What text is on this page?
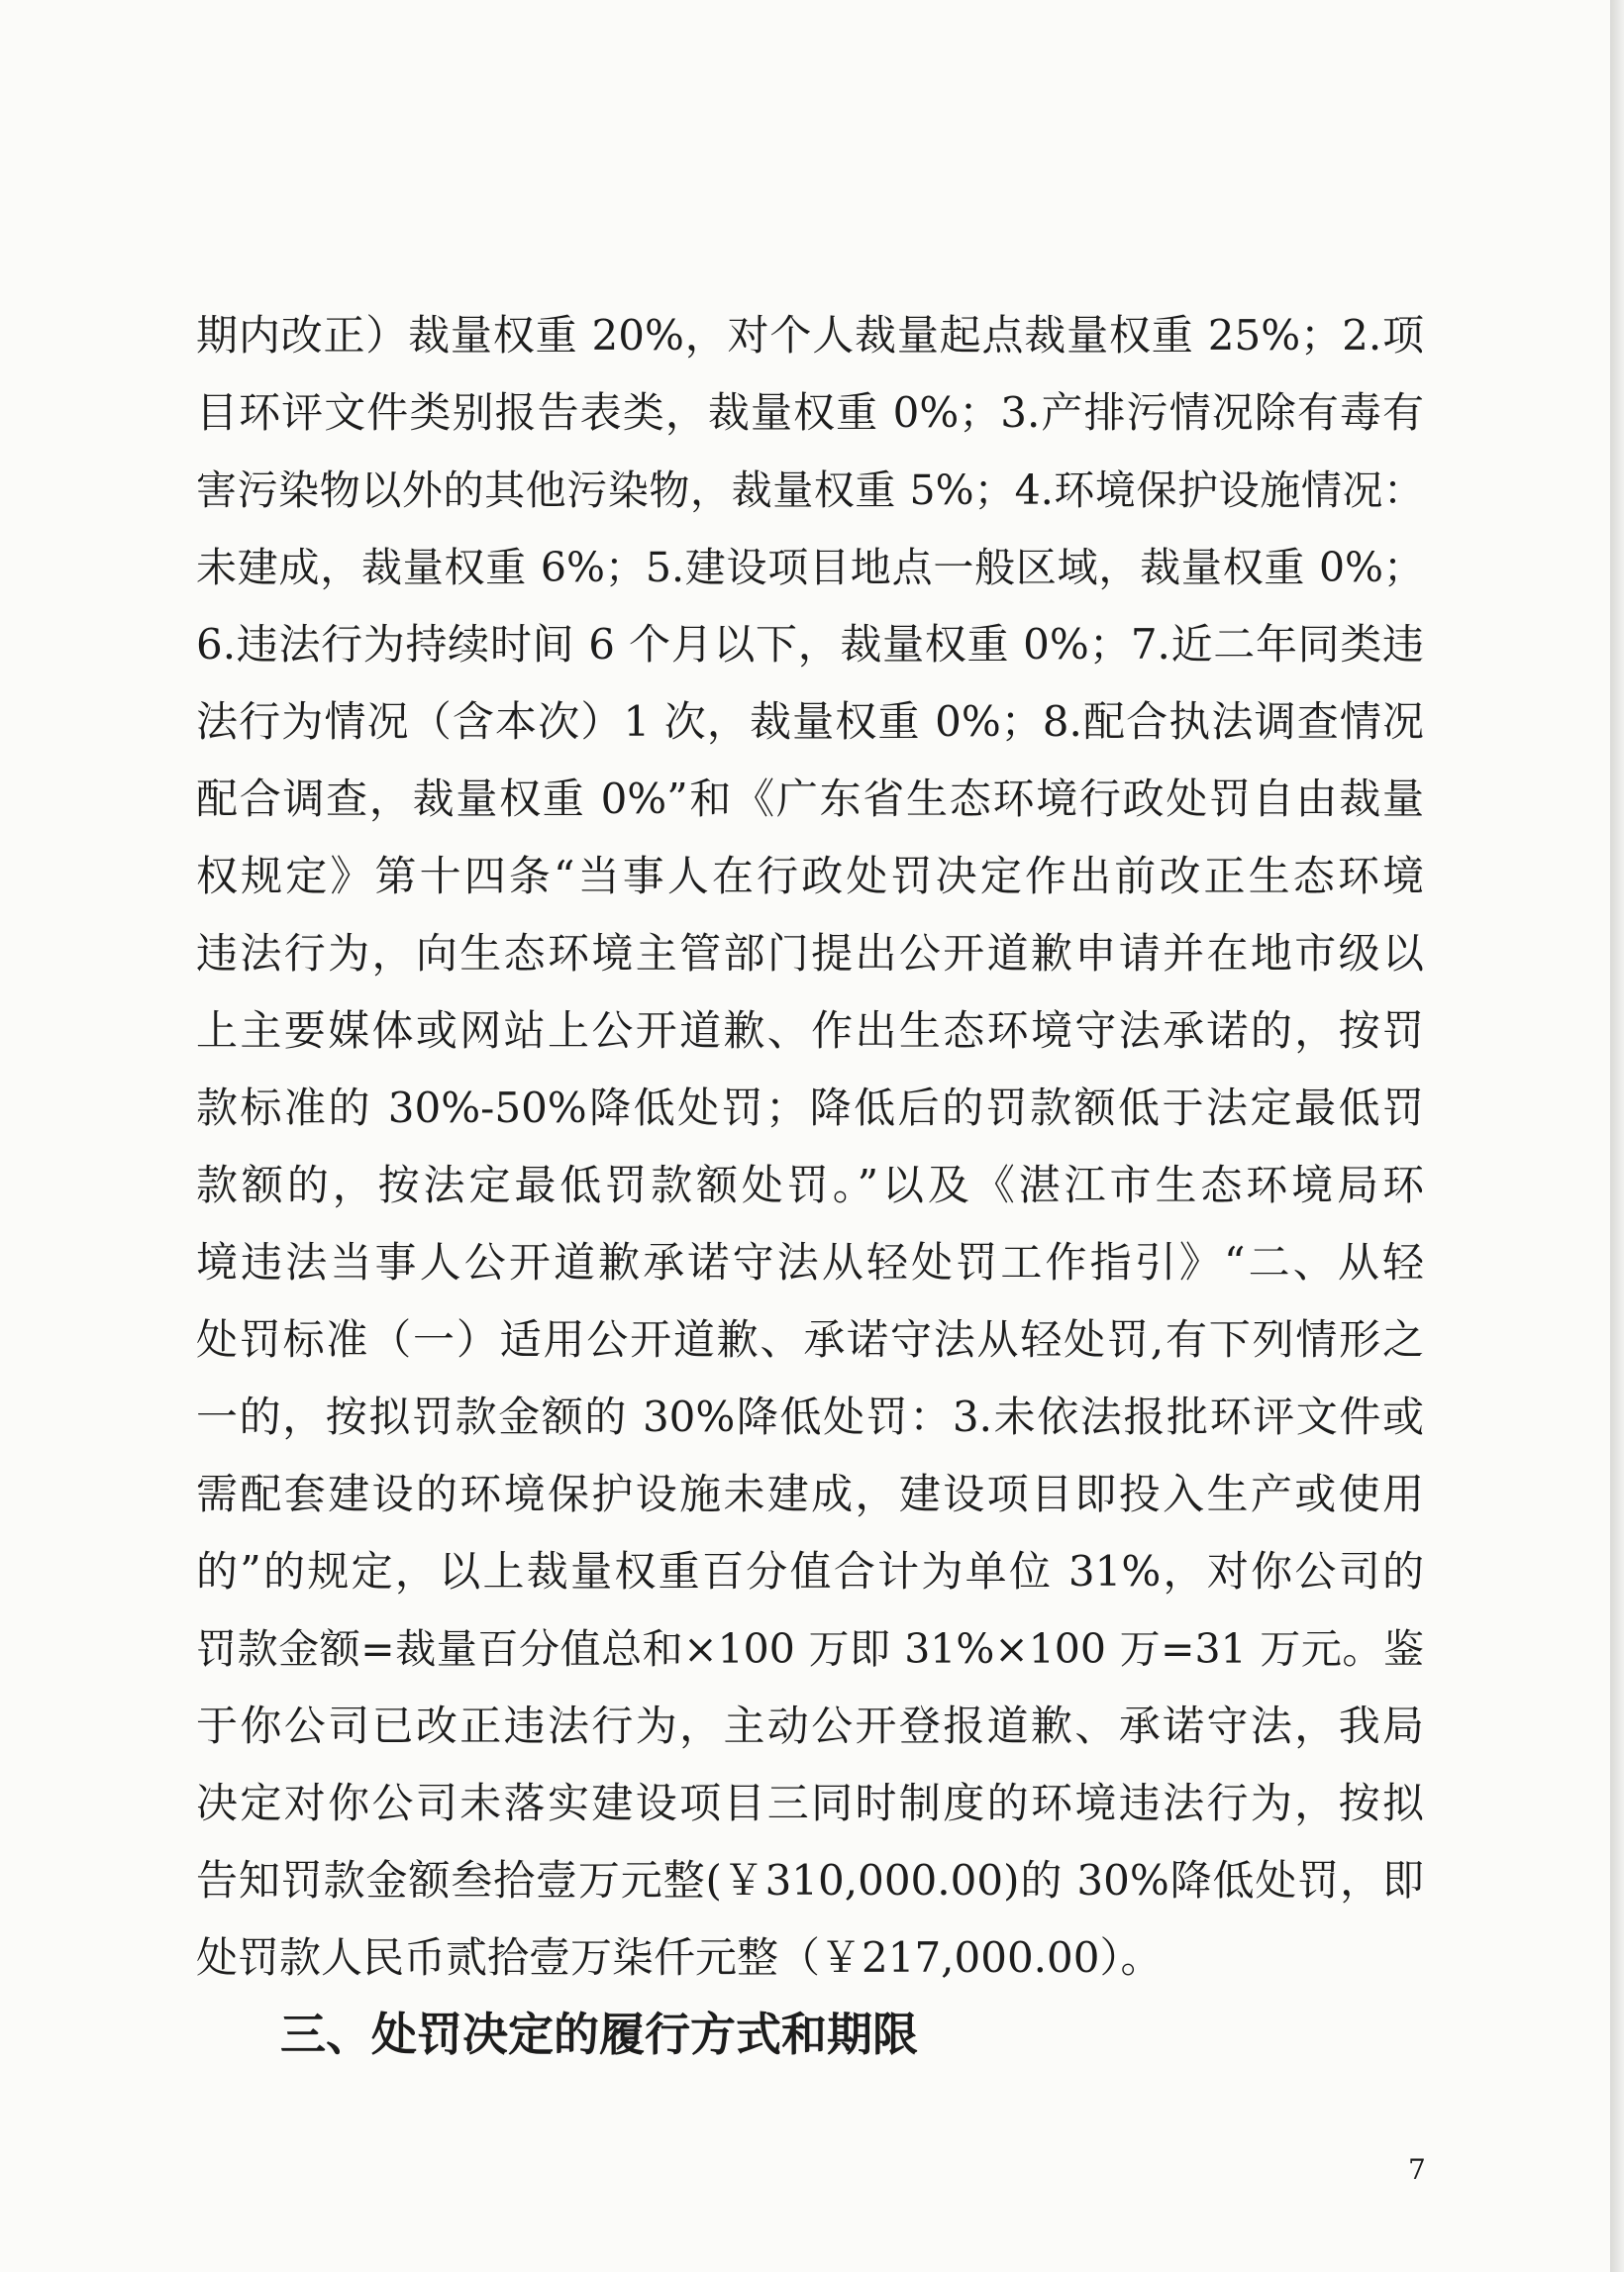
期内改正）裁量权重 20%，对个人裁量起点裁量权重 25%；2.项
目环评文件类别报告表类，裁量权重 0%；3.产排污情况除有毒有
害污染物以外的其他污染物，裁量权重 5%；4.环境保护设施情况：
未建成，裁量权重 6%；5.建设项目地点一般区域，裁量权重 0%；
6.违法行为持续时间 6 个月以下，裁量权重 0%；7.近二年同类违
法行为情况（含本次）1 次，裁量权重 0%；8.配合执法调查情况
配合调查，裁量权重 0%”和《广东省生态环境行政处罚自由裁量
权规定》第十四条“当事人在行政处罚决定作出前改正生态环境
违法行为，向生态环境主管部门提出公开道歉申请并在地市级以
上主要媒体或网站上公开道歉、作出生态环境守法承诺的，按罚
款标准的 30%-50%降低处罚；降低后的罚款额低于法定最低罚
款额的，按法定最低罚款额处罚。”以及《湛江市生态环境局环
境违法当事人公开道歉承诺守法从轻处罚工作指引》“二、从轻
处罚标准（一）适用公开道歉、承诺守法从轻处罚,有下列情形之
一的，按拟罚款金额的 30%降低处罚：3.未依法报批环评文件或
需配套建设的环境保护设施未建成，建设项目即投入生产或使用
的”的规定，以上裁量权重百分值合计为单位 31%，对你公司的
罚款金额=裁量百分值总和×100 万即 31%×100 万=31 万元。鉴
于你公司已改正违法行为，主动公开登报道歉、承诺守法，我局
决定对你公司未落实建设项目三同时制度的环境违法行为，按拟
告知罚款金额叁拾壹万元整(￥310,000.00)的 30%降低处罚，即
处罚款人民币贰拾壹万柒仟元整（￥217,000.00）。
三、处罚决定的履行方式和期限
7
